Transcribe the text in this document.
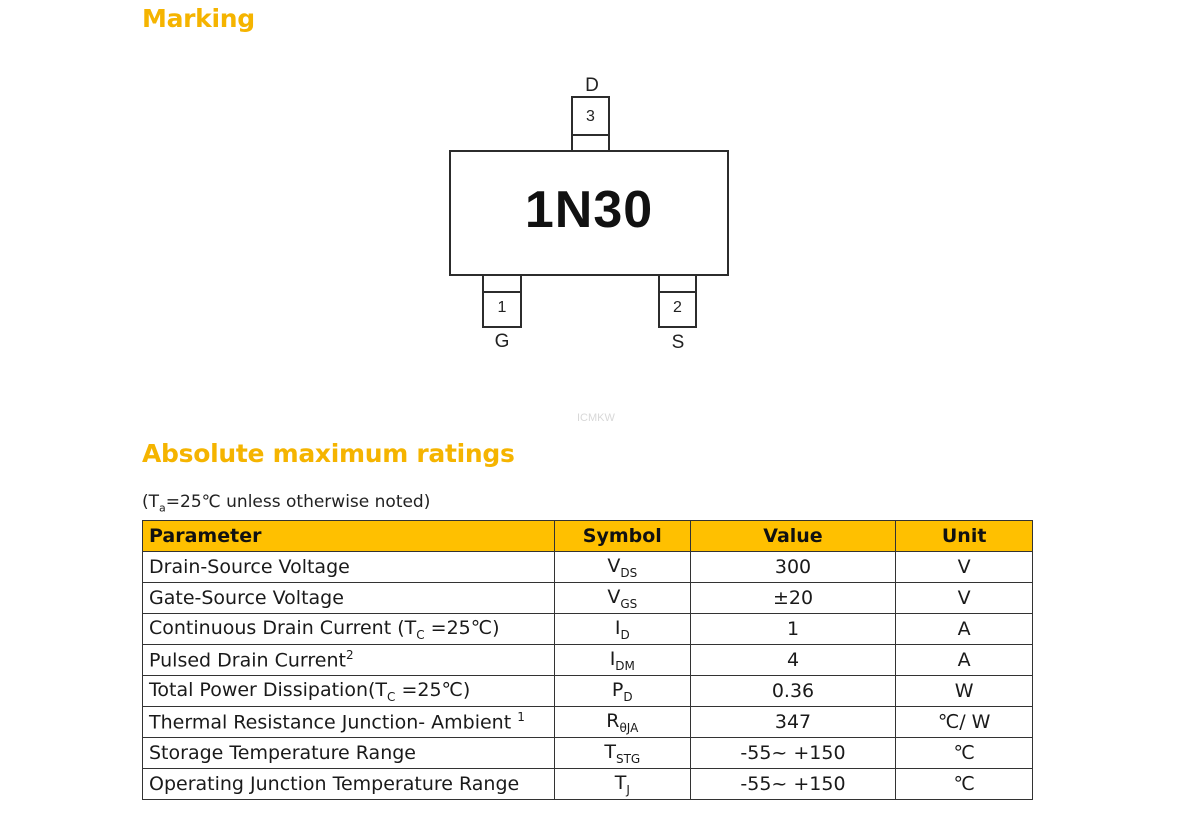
Marking
D
3
1N30
1
G
2
S
ICMKW
Absolute maximum ratings
($T_a=25℃$ unless otherwise noted)
Parameter	Symbol	Value	Unit
Drain-Source Voltage	$V_{DS}$	300	V
Gate-Source Voltage	$V_{GS}$	±20	V
Continuous Drain Current ($T_C$ =25℃)	$I_D$	1	A
Pulsed Drain Current$^2$	$I_{DM}$	4	A
Total Power $Dissipation(T_C$ =25℃)	$P_D$	0.36	W
Thermal Resistance Junction- Ambient $^1$	$R_{\theta JA}$	347	℃/ W
Storage Temperature Range	$T_{STG}$	-55~ +150	℃
Operating Junction Temperature Range	$T_J$	-55~ +150	℃
